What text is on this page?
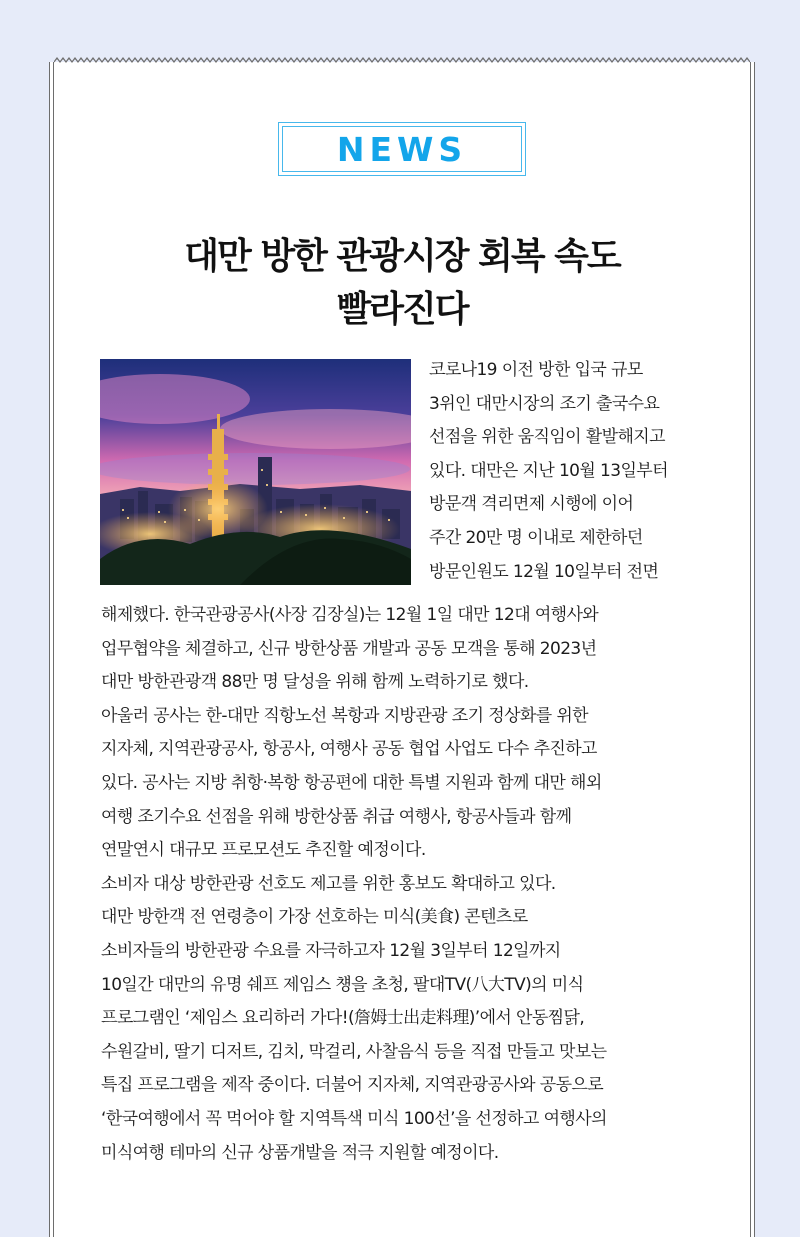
NEWS
대만 방한 관광시장 회복 속도
빨라진다
코로나19 이전 방한 입국 규모
3위인 대만시장의 조기 출국수요
선점을 위한 움직임이 활발해지고
있다. 대만은 지난 10월 13일부터
방문객 격리면제 시행에 이어
주간 20만 명 이내로 제한하던
방문인원도 12월 10일부터 전면
해제했다. 한국관광공사(사장 김장실)는 12월 1일 대만 12대 여행사와
업무협약을 체결하고, 신규 방한상품 개발과 공동 모객을 통해 2023년
대만 방한관광객 88만 명 달성을 위해 함께 노력하기로 했다.
아울러 공사는 한-대만 직항노선 복항과 지방관광 조기 정상화를 위한
지자체, 지역관광공사, 항공사, 여행사 공동 협업 사업도 다수 추진하고
있다. 공사는 지방 취항·복항 항공편에 대한 특별 지원과 함께 대만 해외
여행 조기수요 선점을 위해 방한상품 취급 여행사, 항공사들과 함께
연말연시 대규모 프로모션도 추진할 예정이다.
소비자 대상 방한관광 선호도 제고를 위한 홍보도 확대하고 있다.
대만 방한객 전 연령층이 가장 선호하는 미식(美食) 콘텐츠로
소비자들의 방한관광 수요를 자극하고자 12월 3일부터 12일까지
10일간 대만의 유명 쉐프 제임스 첑을 초청, 팔대TV(八大TV)의 미식
프로그램인 ‘제임스 요리하러 가다!(詹姆士出走料理)’에서 안동찜닭,
수원갈비, 딸기 디저트, 김치, 막걸리, 사찰음식 등을 직접 만들고 맛보는
특집 프로그램을 제작 중이다. 더불어 지자체, 지역관광공사와 공동으로
‘한국여행에서 꼭 먹어야 할 지역특색 미식 100선’을 선정하고 여행사의
미식여행 테마의 신규 상품개발을 적극 지원할 예정이다.
